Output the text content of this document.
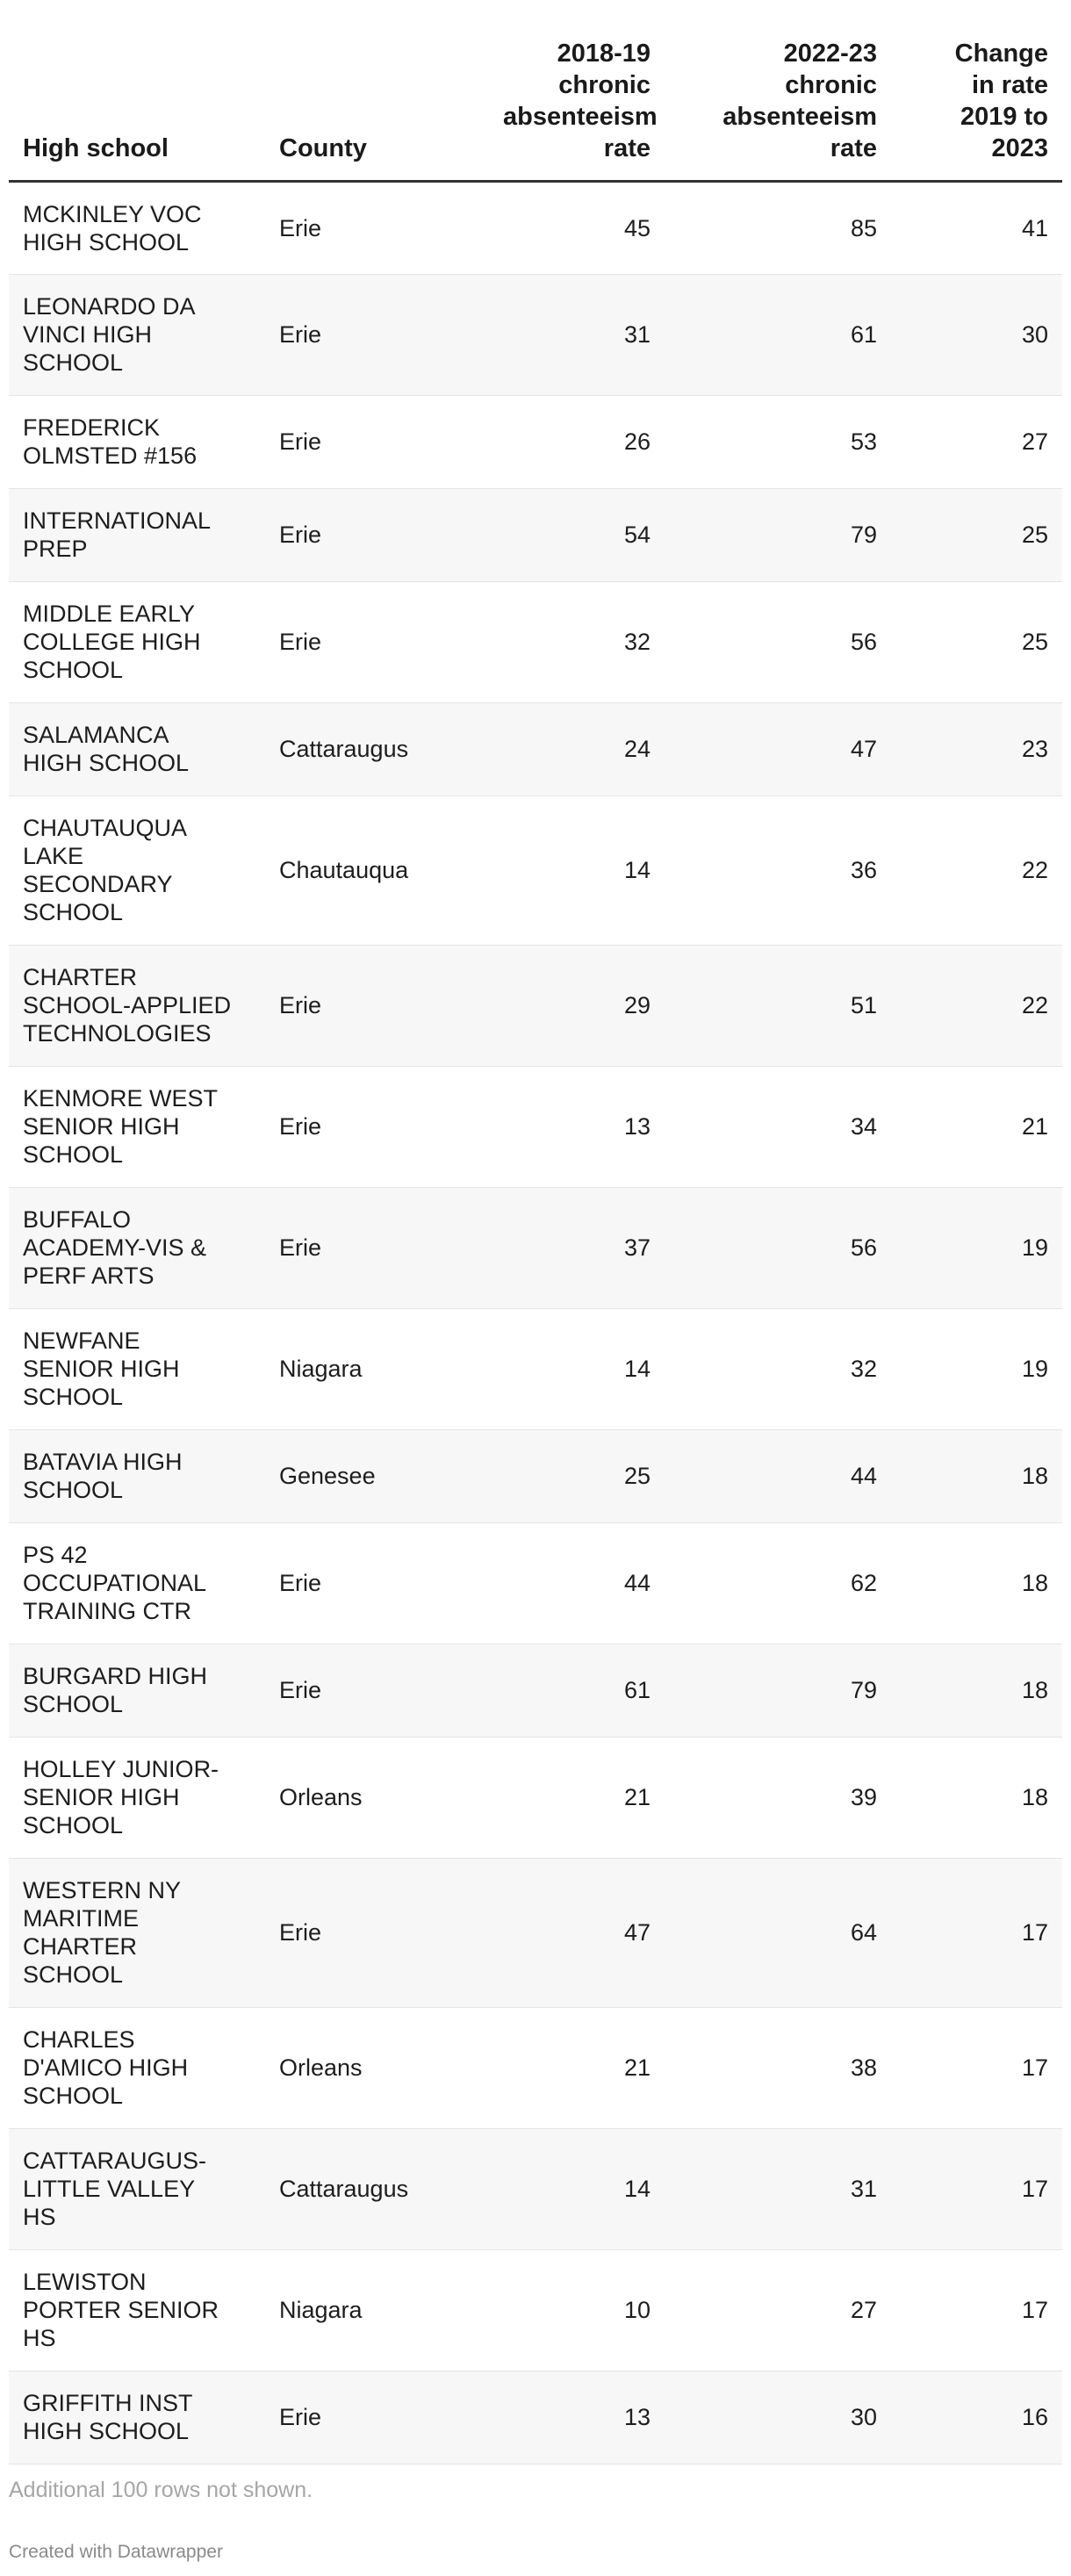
High school	County	2018-19
chronic
absenteeism
rate	2022-23
chronic
absenteeism
rate	Change
in rate
2019 to
2023
MCKINLEY VOC
HIGH SCHOOL	Erie	45	85	41
LEONARDO DA
VINCI HIGH
SCHOOL	Erie	31	61	30
FREDERICK
OLMSTED #156	Erie	26	53	27
INTERNATIONAL
PREP	Erie	54	79	25
MIDDLE EARLY
COLLEGE HIGH
SCHOOL	Erie	32	56	25
SALAMANCA
HIGH SCHOOL	Cattaraugus	24	47	23
CHAUTAUQUA
LAKE
SECONDARY
SCHOOL	Chautauqua	14	36	22
CHARTER
SCHOOL-APPLIED
TECHNOLOGIES	Erie	29	51	22
KENMORE WEST
SENIOR HIGH
SCHOOL	Erie	13	34	21
BUFFALO
ACADEMY-VIS &
PERF ARTS	Erie	37	56	19
NEWFANE
SENIOR HIGH
SCHOOL	Niagara	14	32	19
BATAVIA HIGH
SCHOOL	Genesee	25	44	18
PS 42
OCCUPATIONAL
TRAINING CTR	Erie	44	62	18
BURGARD HIGH
SCHOOL	Erie	61	79	18
HOLLEY JUNIOR-
SENIOR HIGH
SCHOOL	Orleans	21	39	18
WESTERN NY
MARITIME
CHARTER
SCHOOL	Erie	47	64	17
CHARLES
D'AMICO HIGH
SCHOOL	Orleans	21	38	17
CATTARAUGUS-
LITTLE VALLEY
HS	Cattaraugus	14	31	17
LEWISTON
PORTER SENIOR
HS	Niagara	10	27	17
GRIFFITH INST
HIGH SCHOOL	Erie	13	30	16
Additional 100 rows not shown.
Created with Datawrapper
